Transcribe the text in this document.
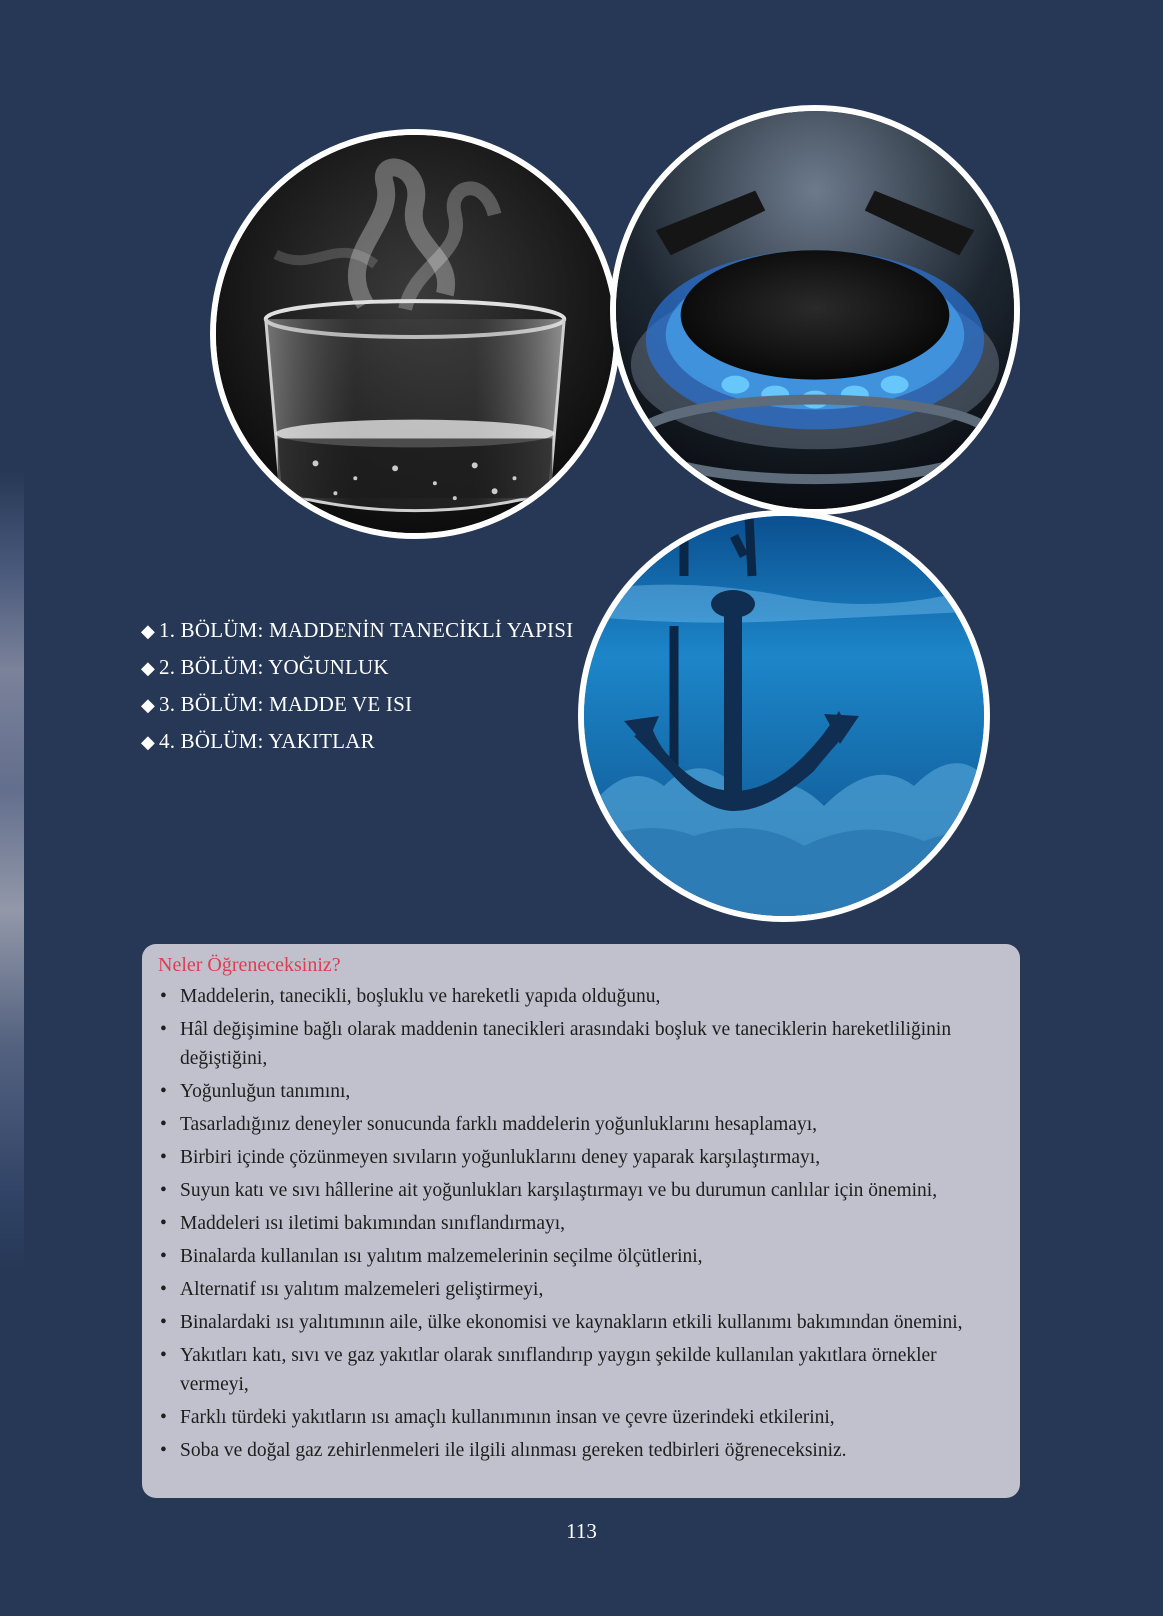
◆ 1. BÖLÜM: MADDENİN TANECİKLİ YAPISI
◆ 2. BÖLÜM: YOĞUNLUK
◆ 3. BÖLÜM: MADDE VE ISI
◆ 4. BÖLÜM: YAKITLAR
Neler Öğreneceksiniz?
• Maddelerin, tanecikli, boşluklu ve hareketli yapıda olduğunu,
• Hâl değişimine bağlı olarak maddenin tanecikleri arasındaki boşluk ve taneciklerin hareketliliğinin değiştiğini,
• Yoğunluğun tanımını,
• Tasarladığınız deneyler sonucunda farklı maddelerin yoğunluklarını hesaplamayı,
• Birbiri içinde çözünmeyen sıvıların yoğunluklarını deney yaparak karşılaştırmayı,
• Suyun katı ve sıvı hâllerine ait yoğunlukları karşılaştırmayı ve bu durumun canlılar için önemini,
• Maddeleri ısı iletimi bakımından sınıflandırmayı,
• Binalarda kullanılan ısı yalıtım malzemelerinin seçilme ölçütlerini,
• Alternatif ısı yalıtım malzemeleri geliştirmeyi,
• Binalardaki ısı yalıtımının aile, ülke ekonomisi ve kaynakların etkili kullanımı bakımından önemini,
• Yakıtları katı, sıvı ve gaz yakıtlar olarak sınıflandırıp yaygın şekilde kullanılan yakıtlara örnekler vermeyi,
• Farklı türdeki yakıtların ısı amaçlı kullanımının insan ve çevre üzerindeki etkilerini,
• Soba ve doğal gaz zehirlenmeleri ile ilgili alınması gereken tedbirleri öğreneceksiniz.
113
